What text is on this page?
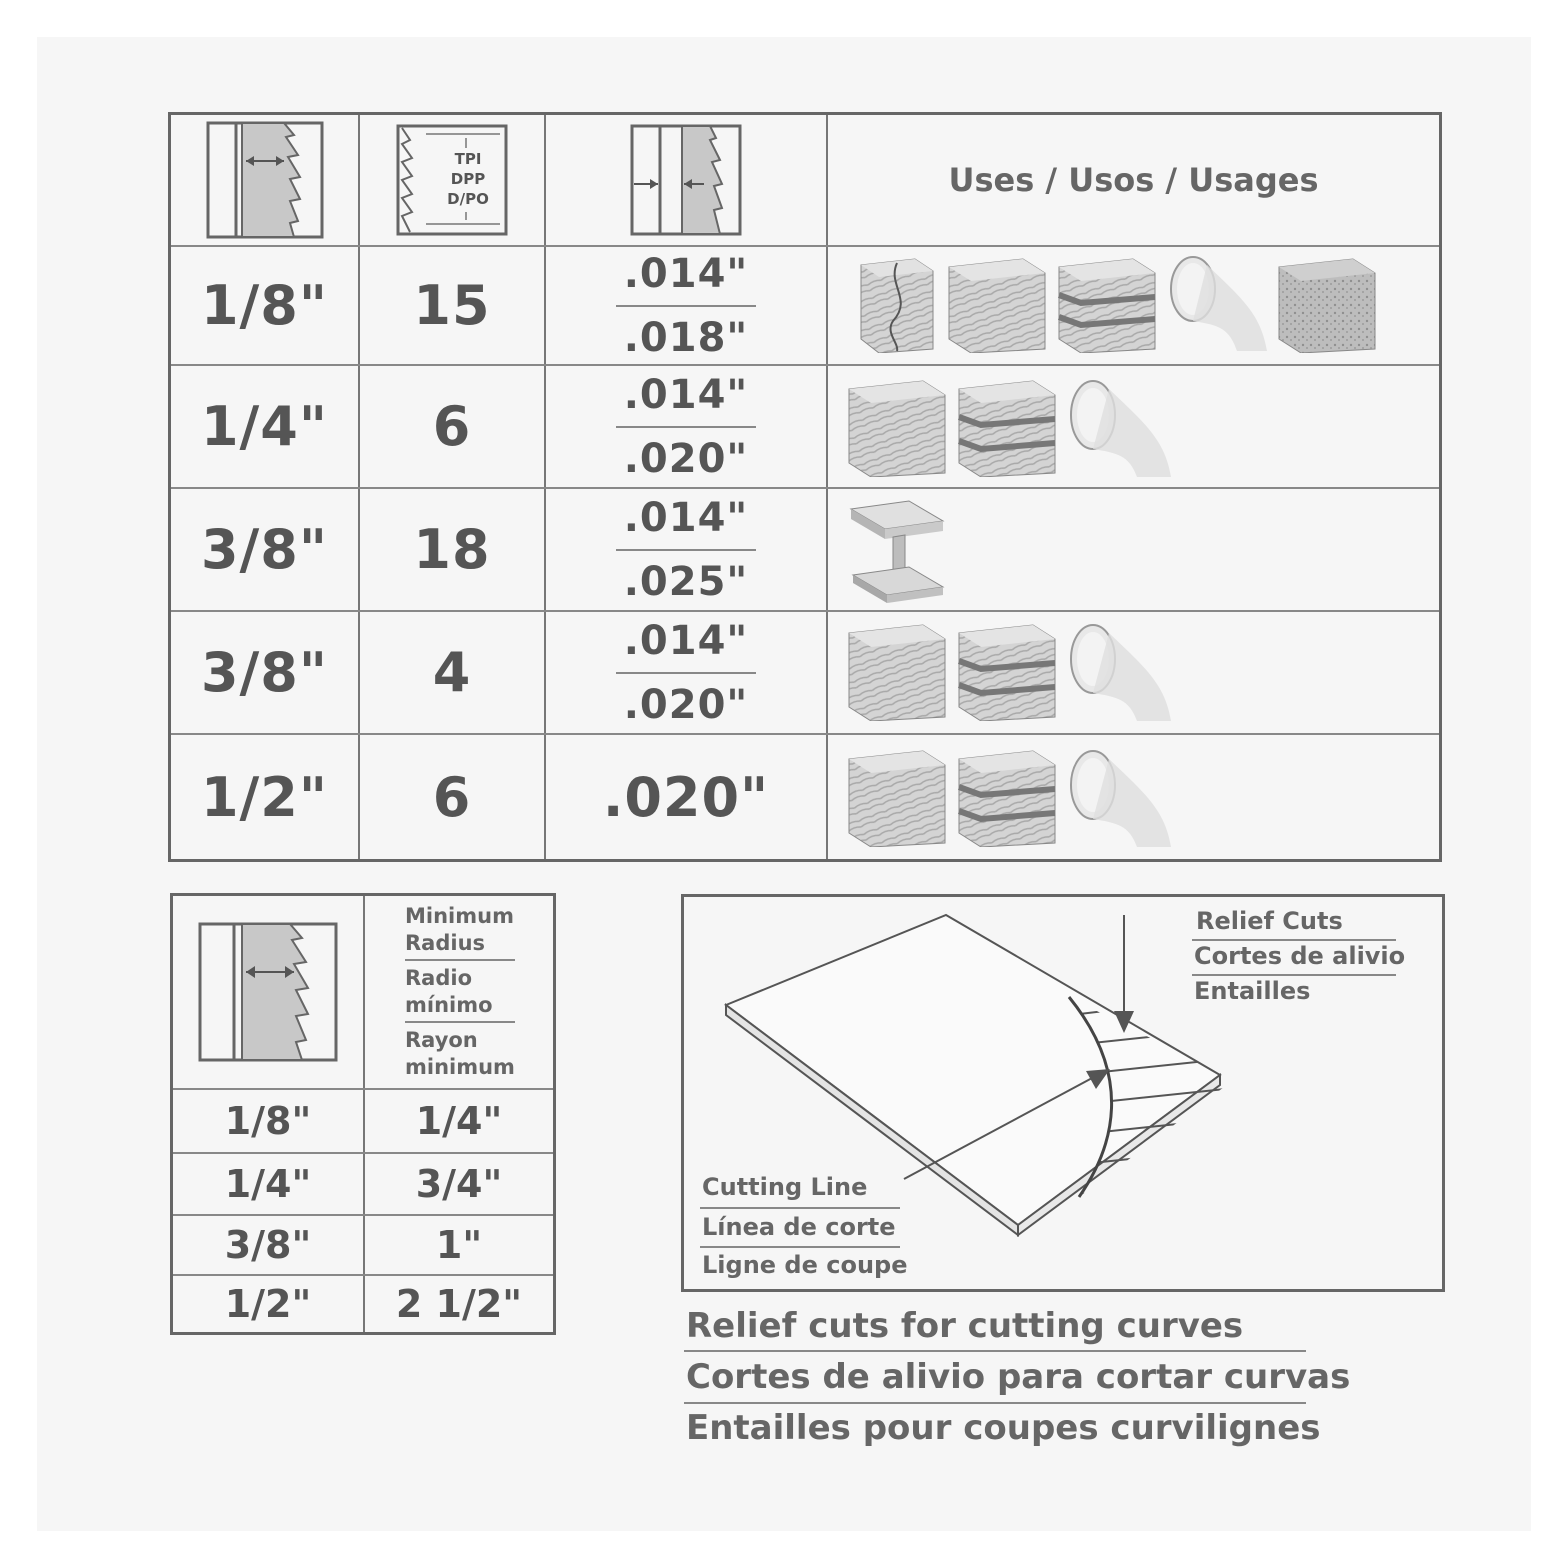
TPI
DPP
D/PO	Uses / Usos / Usages
1/8" 15
.014"
.018"
1/4" 6
.014"
.020"
3/8" 18
.014"
.025"
3/8" 4
.014"
.020"
1/2" 6 .020"
Minimum Radius
Radio mínimo
Rayon minimum
1/8"	1/4"
1/4"	3/4"
3/8"	1"
1/2" 2 1/2"
Relief Cuts
Cortes de alivio
Entailles
Cutting Line
Línea de corte
Ligne de coupe
Relief cuts for cutting curves
Cortes de alivio para cortar curvas
Entailles pour coupes curvilignes
